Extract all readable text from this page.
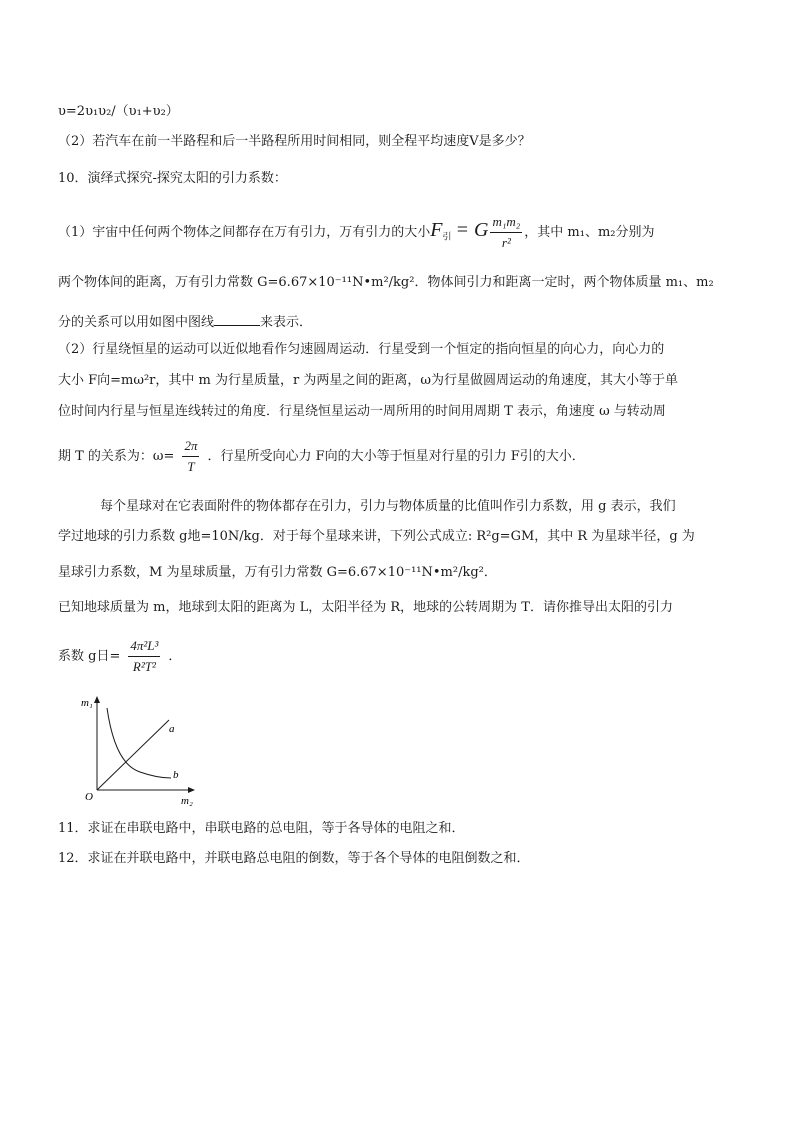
υ=2υ₁υ₂/（υ₁+υ₂）
（2）若汽车在前一半路程和后一半路程所用时间相同，则全程平均速度V是多少？
10．演绎式探究-探究太阳的引力系数：
（1）宇宙中任何两个物体之间都存在万有引力，万有引力的大小$F_引 = G \frac{\text{m₁m₂}}{\text{r²}}$ ，其中 m₁、m₂分别为
两个物体间的距离，万有引力常数 G=6.67×10⁻¹¹N•m²/kg²．物体间引力和距离一定时，两个物体质量 m₁、m₂
分的关系可以用如图中图线	来表示．
（2）行星绕恒星的运动可以近似地看作匀速圆周运动．行星受到一个恒定的指向恒星的向心力，向心力的
大小 F向=mω²r，其中 m 为行星质量，r 为两星之间的距离，ω为行星做圆周运动的角速度，其大小等于单
位时间内行星与恒星连线转过的角度．行星绕恒星运动一周所用的时间用周期 T 表示，角速度 ω 与转动周
期 T 的关系为：$\omega= \frac{2\pi}{T}$ ．行星所受向心力 F向的大小等于恒星对行星的引力 F引的大小．
每个星球对在它表面附件的物体都存在引力，引力与物体质量的比值叫作引力系数，用 g 表示，我们
学过地球的引力系数 g地=10N/kg．对于每个星球来讲，下列公式成立: R²g=GM，其中 R 为星球半径，g 为
星球引力系数，M 为星球质量，万有引力常数 G=6.67×10⁻¹¹N•m²/kg²．
已知地球质量为 m，地球到太阳的距离为 L，太阳半径为 R，地球的公转周期为 T．请你推导出太阳的引力
系数 g日= $\frac{\text{4π²L³}}{\text{R²T²}}$ ．
m₁
m₂
O
a
b
11．求证在串联电路中，串联电路的总电阻，等于各导体的电阻之和．
12．求证在并联电路中，并联电路总电阻的倒数，等于各个导体的电阻倒数之和．
